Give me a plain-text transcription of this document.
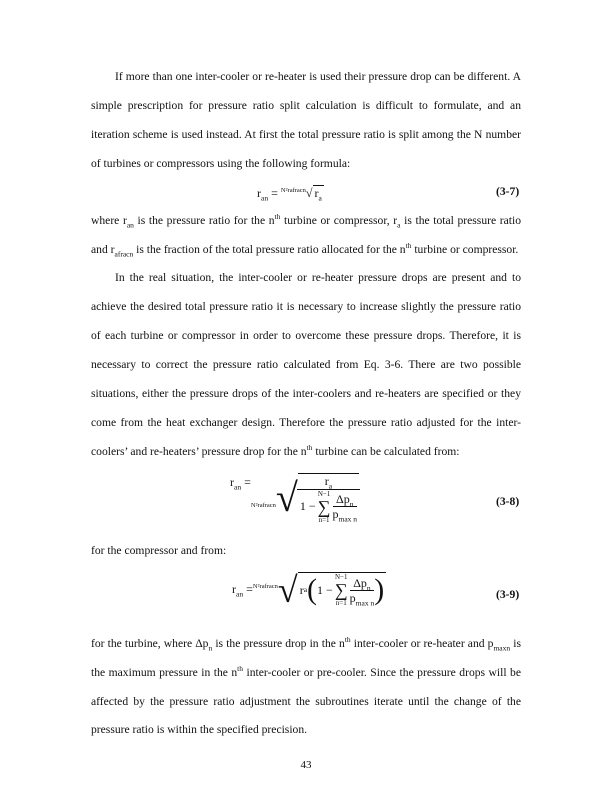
If more than one inter-cooler or re-heater is used their pressure drop can be different. A simple prescription for pressure ratio split calculation is difficult to formulate, and an iteration scheme is used instead. At first the total pressure ratio is split among the N number of turbines or compressors using the following formula:

$r_{an} = ^{N^2r}_{afracn}√$ $r_a$	(3-7)

where $r_{an}$ is the pressure ratio for the $n^{th}$ turbine or compressor, $r_a$ is the total pressure ratio and $r_{afracn}$ is the fraction of the total pressure ratio allocated for the $n^{th}$ turbine or compressor.

In the real situation, the inter-cooler or re-heater pressure drops are present and to achieve the desired total pressure ratio it is necessary to increase slightly the pressure ratio of each turbine or compressor in order to overcome these pressure drops. Therefore, it is necessary to correct the pressure ratio calculated from Eq. 3-6. There are two possible situations, either the pressure drops of the inter-coolers and re-heaters are specified or they come from the heat exchanger design. Therefore the pressure ratio adjusted for the inter-coolers’ and re-heaters’ pressure drop for the $n^{th}$ turbine can be calculated from:

$r_{an}$ =
$^{N^2r}_{afracn}$ √ $r_a$
1 −
N−1
∑
$n=1 \frac{\Delta p_n}{p_{max n}}$	(3-8)

for the compressor and from:

$r_{an} = ^{N^2r}_{afracn}$ √ r a ( 1 −
N−1
∑
$n=1 \frac{\Delta p_n}{p_{max n}}$ )	(3-9)

for the turbine, where $\Delta p_n$ is the pressure drop in the $n^{th}$ inter-cooler or re-heater and $p_{maxn}$ is the maximum pressure in the $n^{th}$ inter-cooler or pre-cooler. Since the pressure drops will be affected by the pressure ratio adjustment the subroutines iterate until the change of the pressure ratio is within the specified precision.

43
